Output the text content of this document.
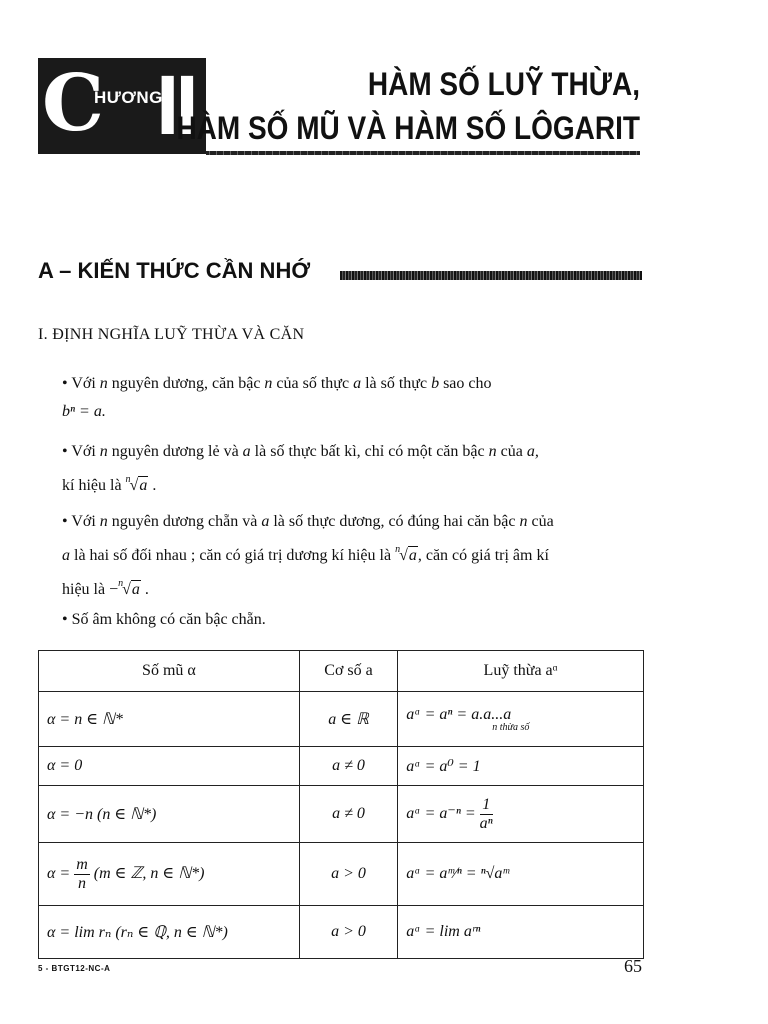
C
HƯƠNG
II	HÀM SỐ LUỸ THỪA,
HÀM SỐ MŨ VÀ HÀM SỐ LÔGARIT
A – KIẾN THỨC CẦN NHỚ
I. ĐỊNH NGHĨA LUỸ THỪA VÀ CĂN
• Với n nguyên dương, căn bậc n của số thực a là số thực b sao cho
bⁿ = a.
• Với n nguyên dương lẻ và a là số thực bất kì, chỉ có một căn bậc n của a,
kí hiệu là $^n$√a .
• Với n nguyên dương chẵn và a là số thực dương, có đúng hai căn bậc n của
a là hai số đối nhau ; căn có giá trị dương kí hiệu là $^n$√a, căn có giá trị âm kí
hiệu là −$^n$√a .
• Số âm không có căn bậc chẵn.
Số mũ α	Cơ số a	Luỹ thừa aᵅ
α = n ∈ ℕ*	a ∈ ℝ	aᵅ = aⁿ = a.a...a
n thừa số

α = 0	a ≠ 0	aᵅ = a⁰ = 1
α = −n (n ∈ ℕ*)	a ≠ 0	aᵅ = $a^{-n} = \frac{1}{\text{aⁿ}}$

$\alpha = \frac{m}{n} (m$ ∈ ℤ, n ∈ ℕ*)	a > 0	aᵅ = aᵐ⁄ⁿ = ⁿ√aᵐ
α = lim rₙ (rₙ ∈ ℚ, n ∈ ℕ*)	a > 0	aᵅ = lim aʳⁿ
5 - BTGT12-NC-A	65
